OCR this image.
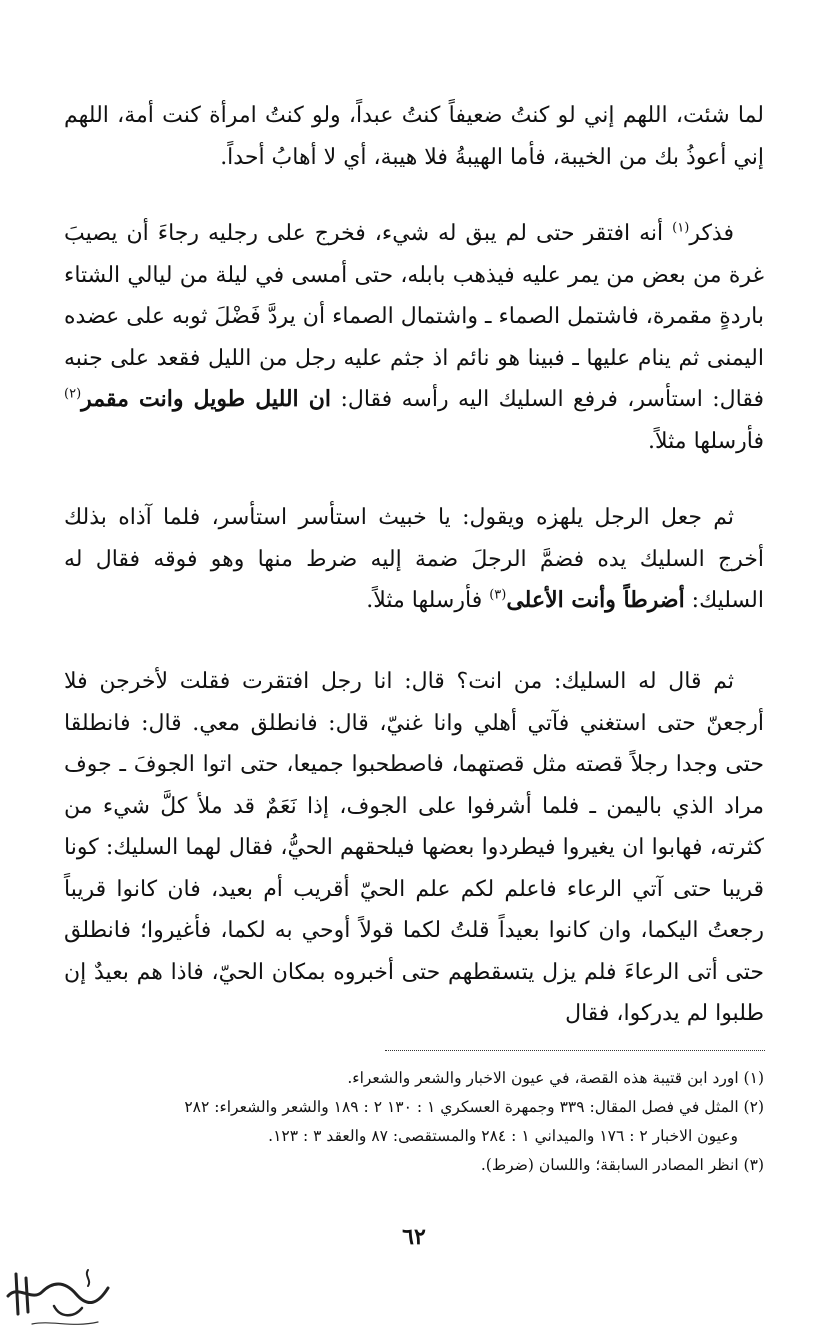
لما شئت، اللهم إني لو كنتُ ضعيفاً كنتُ عبداً، ولو كنتُ امرأة كنت أمة، اللهم إني أعوذُ بك من الخيبة، فأما الهيبةُ فلا هيبة، أي لا أهابُ أحداً.

فذكر$^{(١)}$ أنه افتقر حتى لم يبق له شيء، فخرج على رجليه رجاءَ أن يصيبَ غرة من بعض من يمر عليه فيذهب بابله، حتى أمسى في ليلة من ليالي الشتاء باردةٍ مقمرة، فاشتمل الصماء ـ واشتمال الصماء أن يردَّ فَضْلَ ثوبه على عضده اليمنى ثم ينام عليها ـ فبينا هو نائم اذ جثم عليه رجل من الليل فقعد على جنبه فقال: استأسر، فرفع السليك اليه رأسه فقال: ان الليل طويل وانت مقمر$^{(٢)}$ فأرسلها مثلاً.

ثم جعل الرجل يلهزه ويقول: يا خبيث استأسر استأسر، فلما آذاه بذلك أخرج السليك يده فضمَّ الرجلَ ضمة إليه ضرط منها وهو فوقه فقال له السليك: أضرطاً وأنت الأعلى$^{(٣)}$ فأرسلها مثلاً.

ثم قال له السليك: من انت؟ قال: انا رجل افتقرت فقلت لأخرجن فلا أرجعنّ حتى استغني فآتي أهلي وانا غنيّ، قال: فانطلق معي. قال: فانطلقا حتى وجدا رجلاً قصته مثل قصتهما، فاصطحبوا جميعا، حتى اتوا الجوفَ ـ جوف مراد الذي باليمن ـ فلما أشرفوا على الجوف، إذا نَعَمٌ قد ملأ كلَّ شيء من كثرته، فهابوا ان يغيروا فيطردوا بعضها فيلحقهم الحيُّ، فقال لهما السليك: كونا قريبا حتى آتي الرعاء فاعلم لكم علم الحيّ أقريب أم بعيد، فان كانوا قريباً رجعتُ اليكما، وان كانوا بعيداً قلتُ لكما قولاً أوحي به لكما، فأغيروا؛ فانطلق حتى أتى الرعاءَ فلم يزل يتسقطهم حتى أخبروه بمكان الحيّ، فاذا هم بعيدٌ إن طلبوا لم يدركوا، فقال

(١) اورد ابن قتيبة هذه القصة، في عيون الاخبار والشعر والشعراء.

(٢) المثل في فصل المقال: ٣٣٩ وجمهرة العسكري ١ : ١٣٠ ٢ : ١٨٩ والشعر والشعراء: ٢٨٢

وعيون الاخبار ٢ : ١٧٦ والميداني ١ : ٢٨٤ والمستقصى: ٨٧ والعقد ٣ : ١٢٣.

(٣) انظر المصادر السابقة؛ واللسان (ضرط).

٦٢
